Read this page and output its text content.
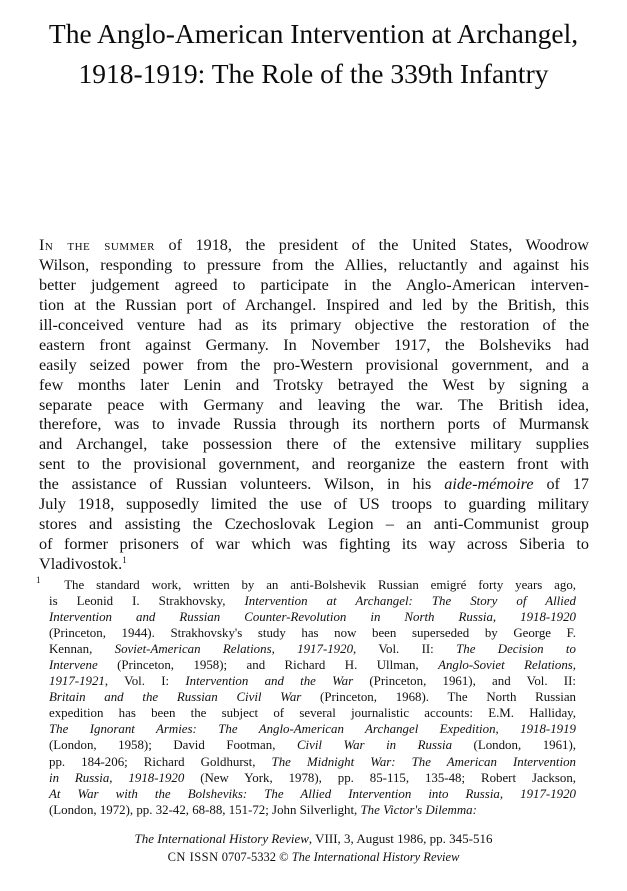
The Anglo-American Intervention at Archangel,
1918-1919: The Role of the 339th Infantry
In the summer of 1918, the president of the United States, Woodrow
Wilson, responding to pressure from the Allies, reluctantly and against his
better judgement agreed to participate in the Anglo-American interven-
tion at the Russian port of Archangel. Inspired and led by the British, this
ill-conceived venture had as its primary objective the restoration of the
eastern front against Germany. In November 1917, the Bolsheviks had
easily seized power from the pro-Western provisional government, and a
few months later Lenin and Trotsky betrayed the West by signing a
separate peace with Germany and leaving the war. The British idea,
therefore, was to invade Russia through its northern ports of Murmansk
and Archangel, take possession there of the extensive military supplies
sent to the provisional government, and reorganize the eastern front with
the assistance of Russian volunteers. Wilson, in his aide-mémoire of 17
July 1918, supposedly limited the use of US troops to guarding military
stores and assisting the Czechoslovak Legion – an anti-Communist group
of former prisoners of war which was fighting its way across Siberia to
Vladivostok.$^1$
$^1$ The standard work, written by an anti-Bolshevik Russian emigré forty years ago,
is Leonid I. Strakhovsky, Intervention at Archangel: The Story of Allied
Intervention and Russian Counter-Revolution in North Russia, 1918-1920
(Princeton, 1944). Strakhovsky's study has now been superseded by George F.
Kennan, Soviet-American Relations, 1917-1920, Vol. II: The Decision to
Intervene (Princeton, 1958); and Richard H. Ullman, Anglo-Soviet Relations,
1917-1921, Vol. I: Intervention and the War (Princeton, 1961), and Vol. II:
Britain and the Russian Civil War (Princeton, 1968). The North Russian
expedition has been the subject of several journalistic accounts: E.M. Halliday,
The Ignorant Armies: The Anglo-American Archangel Expedition, 1918-1919
(London, 1958); David Footman, Civil War in Russia (London, 1961),
pp. 184-206; Richard Goldhurst, The Midnight War: The American Intervention
in Russia, 1918-1920 (New York, 1978), pp. 85-115, 135-48; Robert Jackson,
At War with the Bolsheviks: The Allied Intervention into Russia, 1917-1920
(London, 1972), pp. 32-42, 68-88, 151-72; John Silverlight, The Victor's Dilemma:
The International History Review, VIII, 3, August 1986, pp. 345-516
CN ISSN 0707-5332 © The International History Review
